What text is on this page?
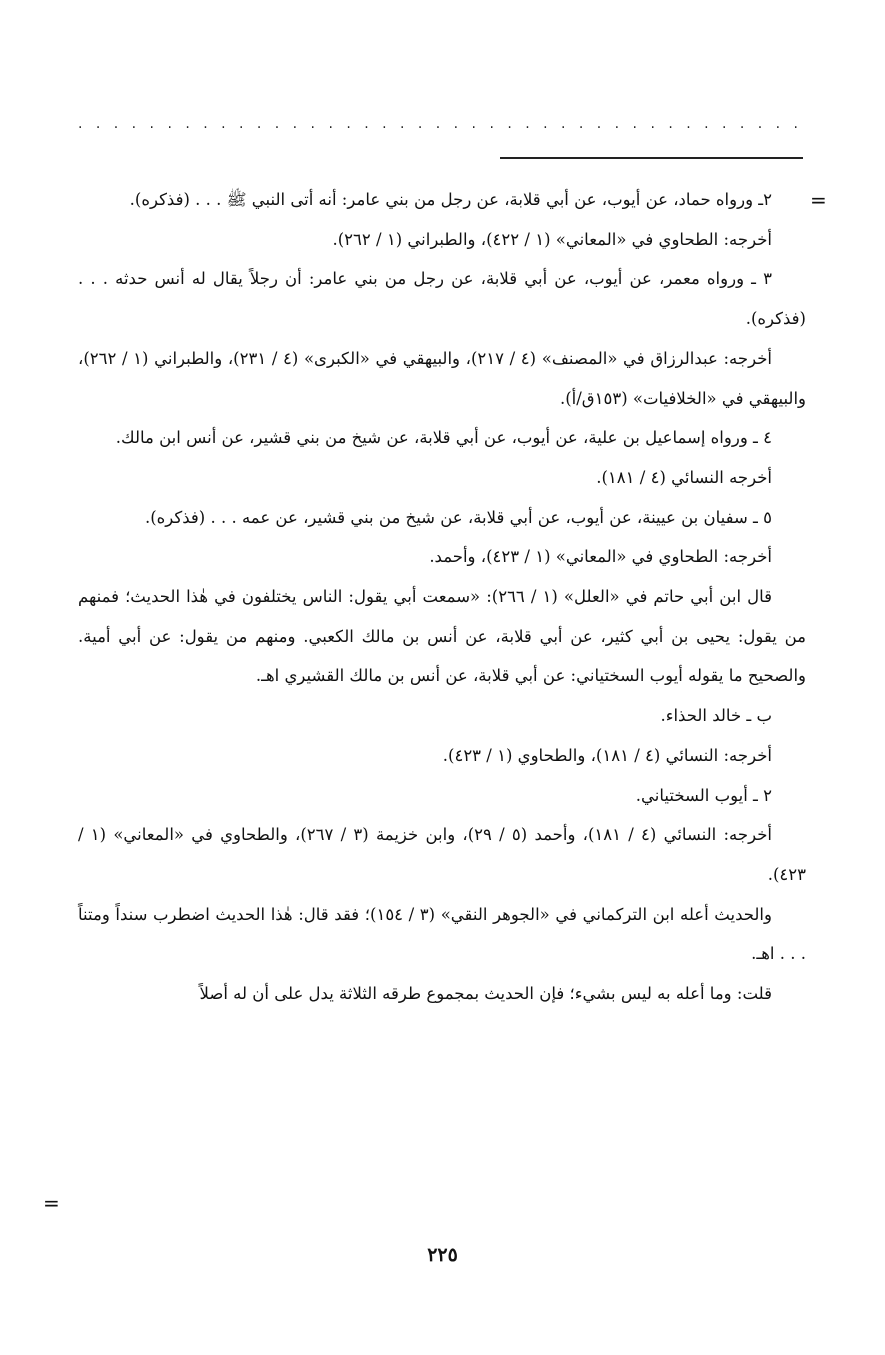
. . . . . . . . . . . . . . . . . . . . . . . . . . . . . . . . . . . . . . . . .
=

٢ـ ورواه حماد، عن أيوب، عن أبي قلابة، عن رجل من بني عامر: أنه أتى النبي ﷺ . . . (فذكره).

أخرجه: الطحاوي في «المعاني» (١ / ٤٢٢)، والطبراني (١ / ٢٦٢).

٣ ـ ورواه معمر، عن أيوب، عن أبي قلابة، عن رجل من بني عامر: أن رجلاً يقال له أنس حدثه . . . (فذكره).

أخرجه: عبدالرزاق في «المصنف» (٤ / ٢١٧)، والبيهقي في «الكبرى» (٤ / ٢٣١)، والطبراني (١ / ٢٦٢)، والبيهقي في «الخلافيات» (١٥٣ق/أ).

٤ ـ ورواه إسماعيل بن علية، عن أيوب، عن أبي قلابة، عن شيخ من بني قشير، عن أنس ابن مالك.

أخرجه النسائي (٤ / ١٨١).

٥ ـ سفيان بن عيينة، عن أيوب، عن أبي قلابة، عن شيخ من بني قشير، عن عمه . . . (فذكره).

أخرجه: الطحاوي في «المعاني» (١ / ٤٢٣)، وأحمد.

قال ابن أبي حاتم في «العلل» (١ / ٢٦٦): «سمعت أبي يقول: الناس يختلفون في هٰذا الحديث؛ فمنهم من يقول: يحيى بن أبي كثير، عن أبي قلابة، عن أنس بن مالك الكعبي. ومنهم من يقول: عن أبي أمية. والصحيح ما يقوله أيوب السختياني: عن أبي قلابة، عن أنس بن مالك القشيري اهـ.

ب ـ خالد الحذاء.

أخرجه: النسائي (٤ / ١٨١)، والطحاوي (١ / ٤٢٣).

٢ ـ أيوب السختياني.

أخرجه: النسائي (٤ / ١٨١)، وأحمد (٥ / ٢٩)، وابن خزيمة (٣ / ٢٦٧)، والطحاوي في «المعاني» (١ / ٤٢٣).

والحديث أعله ابن التركماني في «الجوهر النقي» (٣ / ١٥٤)؛ فقد قال: هٰذا الحديث اضطرب سنداً ومتناً . . . اهـ.

قلت: وما أعله به ليس بشيء؛ فإن الحديث بمجموع طرقه الثلاثة يدل على أن له أصلاً

=
٢٢٥
